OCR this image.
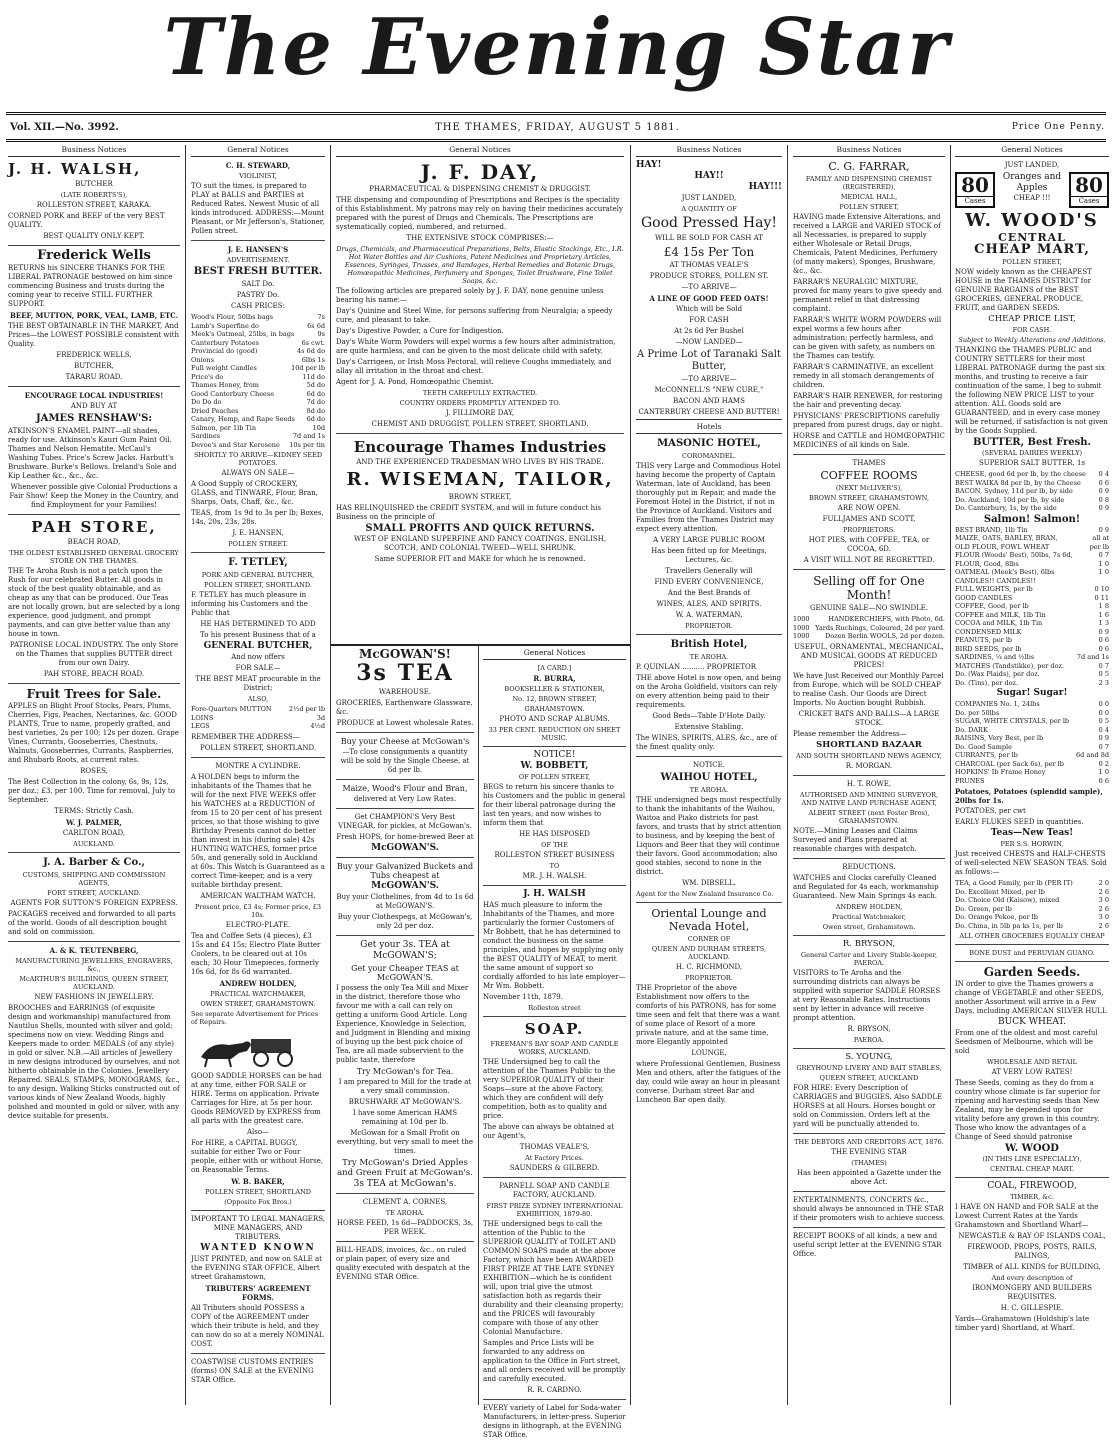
The Evening Star
Vol. XII.—No. 3992.	THE THAMES, FRIDAY, AUGUST 5 1881.	Price One Penny.
Business Notices
J. H. WALSH,

BUTCHER

(LATE ROBERTS'S),

ROLLESTON STREET, KARAKA.

CORNED PORK and BEEF of the very BEST QUALITY.

BEST QUALITY ONLY KEPT.

Frederick Wells

RETURNS his SINCERE THANKS FOR THE LIBERAL PATRONAGE bestowed on him since commencing Business and trusts during the coming year to receive STILL FURTHER SUPPORT.

BEEF, MUTTON, PORK, VEAL, LAMB, ETC.

THE BEST OBTAINABLE IN THE MARKET, And Prices—the LOWEST POSSIBLE consistent with Quality.

FREDERICK WELLS,

BUTCHER,

TARARU ROAD.

ENCOURAGE LOCAL INDUSTRIES!

AND BUY AT

JAMES RENSHAW'S:

ATKINSON'S ENAMEL PAINT—all shades, ready for use. Atkinson's Kauri Gum Paint Oil. Thames and Nelson Hematite. McCaul's Washing Tubes. Price's Screw Jacks. Harbutt's Brushware. Burke's Bellows. Ireland's Sole and Kip Leather &c., &c., &c.

Whenever possible give Colonial Productions a Fair Show! Keep the Money in the Country, and find Employment for your Families!

PAH STORE,

BEACH ROAD,

THE OLDEST ESTABLISHED GENERAL GROCERY STORE ON THE THAMES.

THE Te Aroha Rush is not a patch upon the Rush for our celebrated Butter. All goods in stock of the best quality obtainable, and as cheap as any that can be produced. Our Teas are not locally grown, but are selected by a long experience, good judgment, and prompt payments, and can give better value than any house in town.

PATRONISE LOCAL INDUSTRY. The only Store on the Thames that supplies BUTTER direct from our own Dairy.

PAH STORE, BEACH ROAD.

Fruit Trees for Sale.

APPLES on Blight Proof Stocks, Pears, Plums, Cherries, Figs, Peaches, Nectarines, &c. GOOD PLANTS, True to name, properly grafted, and best varieties, 2s per 100; 12s per dozen. Grape Vines, Currants, Gooseberries, Chestnuts, Walnuts, Gooseberries, Currants, Raspberries, and Rhubarb Roots, at current rates.

ROSES,

The Best Collection in the colony, 6s, 9s, 12s, per doz.; £3, per 100. Time for removal, July to September.

TERMS: Strictly Cash.

W. J. PALMER,

CARLTON ROAD,

AUCKLAND.

J. A. Barber & Co.,

CUSTOMS, SHIPPING AND COMMISSION AGENTS,

FORT STREET, AUCKLAND.

AGENTS FOR SUTTON'S FOREIGN EXPRESS.

PACKAGES received and forwarded to all parts of the world. Goods of all description bought and sold on commission.

A. & K. TEUTENBERG,

MANUFACTURING JEWELLERS, ENGRAVERS, &c.,

McARTHUR'S BUILDINGS, QUEEN STREET, AUCKLAND.

NEW FASHIONS IN JEWELLERY.

BROOCHES and EARRINGS (of exquisite design and workmanship) manufactured from Nautilus Shells, mounted with silver and gold; specimens now on view. Wedding Rings and Keepers made to order. MEDALS (of any style) in gold or silver. N.B.—All articles of Jewellery in new designs introduced by ourselves, and not hitherto obtainable in the Colonies. Jewellery Repaired. SEALS, STAMPS, MONOGRAMS, &c., to any design. Walking Sticks constructed out of various kinds of New Zealand Woods, highly polished and mounted in gold or silver, with any device suitable for presents.

General Notices

C. H. STEWARD,

VIOLINIST,

TO suit the times, is prepared to PLAY at BALLS and PARTIES at Reduced Rates. Newest Music of all kinds introduced. ADDRESS:—Mount Pleasant, or Mr Jefferson's, Stationer, Pollen street.

J. E. HANSEN'S

ADVERTISEMENT.

BEST FRESH BUTTER.

SALT Do.

PASTRY Do.

CASH PRICES:

Wood's Flour, 50lbs bags	7s
Lamb's Superfine do	6s 6d
Meek's Oatmeal, 25lbs, in bags	9s
Canterbury Potatoes	6s cwt.
Provincial do (good)	4s 6d do
Onions	6lbs 1s
Full weight Candles	10d per lb
Price's do	11d do
Thames Honey, from	5d do
Good Canterbury Cheese	6d do
Do Do do	7d do
Dried Peaches	8d do
Canary, Hemp, and Rape Seeds 6d do
Salmon, per 1lb Tin	10d
Sardines	7d and 1s
Devoe's and Star Kerosene 10s per tin

SHORTLY TO ARRIVE—KIDNEY SEED POTATOES.

ALWAYS ON SALE—

A Good Supply of CROCKERY, GLASS, and TINWARE, Flour, Bran, Sharps, Oats, Chaff, &c., &c.

TEAS, from 1s 9d to 3s per lb; Boxes, 14s, 20s, 23s, 28s.

J. E. HANSEN,

POLLEN STREET.

F. TETLEY,

PORK AND GENERAL BUTCHER,

POLLEN STREET, SHORTLAND.

F. TETLEY has much pleasure in informing his Customers and the Public that

HE HAS DETERMINED TO ADD

To his present Business that of a

GENERAL BUTCHER,

And now offers

FOR SALE—

THE BEST MEAT procurable in the District;

ALSO,

Fore-Quarters MUTTON	2½d per lb
LOINS	3d
LEGS	4½d

REMEMBER THE ADDRESS—

POLLEN STREET, SHORTLAND.

MONTRE A CYLINDRE.

A HOLDEN begs to inform the inhabitants of the Thames that he will for the next FIVE WEEKS offer his WATCHES at a REDUCTION of from 15 to 20 per cent of his present prices, so that those wishing to give Birthday Presents cannot do better than invest in his (during sale) 42s HUNTING WATCHES, former price 50s, and generally sold in Auckland at 60s. This Watch is Guaranteed as a correct Time-keeper, and is a very suitable birthday present.

AMERICAN WALTHAM WATCH.

Present price, £3 4s; Former price, £3 10s.

ELECTRO-PLATE.

Tea and Coffee Sets (4 pieces), £3 15s and £4 15s; Electro Plate Butter Coolers, to be cleared out at 10s each; 30 Hour Timepieces, formerly 10s 6d, for 8s 6d warranted.

ANDREW HOLDEN,

PRACTICAL WATCHMAKER,

OWEN STREET, GRAHAMSTOWN.

See separate Advertisement for Prices of Repairs.

GOOD SADDLE HORSES can be had at any time, either FOR SALE or HIRE. Terms on application. Private Carriages for Hire, at 5s per hour. Goods REMOVED by EXPRESS from all parts with the greatest care.

Also—

For HIRE, a CAPITAL BUGGY, suitable for either Two or Four people, either with or without Horse, on Reasonable Terms.

W. B. BAKER,

POLLEN STREET, SHORTLAND

(Opposite Fox Bros.)

IMPORTANT TO LEGAL MANAGERS, MINE MANAGERS, AND TRIBUTERS.

WANTED KNOWN

JUST PRINTED, and now on SALE at the EVENING STAR OFFICE, Albert street Grahamstown,

TRIBUTERS' AGREEMENT FORMS.

All Tributers should POSSESS a COPY of the AGREEMENT under which their tribute is held, and they can now do so at a merely NOMINAL COST.

COASTWISE CUSTOMS ENTRIES (forms) ON SALE at the EVENING STAR Office.

General Notices
J. F. DAY,

PHARMACEUTICAL & DISPENSING CHEMIST & DRUGGIST.

THE dispensing and compounding of Prescriptions and Recipes is the speciality of this Establishment. My patrons may rely on having their medicines accurately prepared with the purest of Drugs and Chemicals. The Prescriptions are systematically copied, numbered, and returned.

THE EXTENSIVE STOCK COMPRISES:—

Drugs, Chemicals, and Pharmaceutical Preparations, Belts, Elastic Stockings, Etc., I.R. Hot Water Bottles and Air Cushions, Patent Medicines and Proprietary Articles, Essences, Syringes, Trusses, and Bandages, Herbal Remedies and Botanic Drugs, Homœopathic Medicines, Perfumery and Sponges, Toilet Brushware, Fine Toilet Soaps, &c.

The following articles are prepared solely by J. F. DAY, none genuine unless bearing his name:—

Day's Quinine and Steel Wine, for persons suffering from Neuralgia; a speedy cure, and pleasant to take.

Day's Digestive Powder, a Cure for Indigestion.

Day's White Worm Powders will expel worms a few hours after administration, are quite harmless, and can be given to the most delicate child with safety.

Day's Carrigeen, or Irish Moss Pectoral, will relieve Coughs immediately, and allay all irritation in the throat and chest.

Agent for J. A. Pond, Homœopathic Chemist.

TEETH CAREFULLY EXTRACTED.

COUNTRY ORDERS PROMPTLY ATTENDED TO.

J. FILLIMORE DAY,

CHEMIST AND DRUGGIST, POLLEN STREET, SHORTLAND.

Encourage Thames Industries

AND THE EXPERIENCED TRADESMAN WHO LIVES BY HIS TRADE.

R. WISEMAN, TAILOR,

BROWN STREET,

HAS RELINQUISHED the CREDIT SYSTEM, and will in future conduct his Business on the principle of

SMALL PROFITS AND QUICK RETURNS.

WEST OF ENGLAND SUPERFINE AND FANCY COATINGS. ENGLISH, SCOTCH, AND COLONIAL TWEED—WELL SHRUNK.

Same SUPERIOR FIT and MAKE for which he is renowned.

McGOWAN'S!
3s TEA

WAREHOUSE.

GROCERIES, Earthenware Glassware, &c.

PRODUCE at Lowest wholesale Rates.

Buy your Cheese at McGowan's

—To close consignments a quantity will be sold by the Single Cheese, at 6d per lb.

Maize, Wood's Flour and Bran,

delivered at Very Low Rates.

Get CHAMPION'S Very Best VINEGAR, for pickles, at McGowan's.

Fresh HOPS, for home-brewed Beer at

McGOWAN'S.

Buy your Galvanized Buckets and Tubs cheapest at

McGOWAN'S.

Buy your Clothelines, from 4d to 1s 6d at McGOWAN'S.

Buy your Clothespegs, at McGowan's, only 2d per doz.

Get your 3s. TEA at McGOWAN'S;

Get your Cheaper TEAS at McGOWAN'S.

I possess the only Tea Mill and Mixer in the district, therefore those who favour me with a call can rely on getting a uniform Good Article. Long Experience, Knowledge in Selection, and Judgment in Blending and mixing of buying up the best pick choice of Tea, are all made subservient to the public taste, therefore

Try McGowan's for Tea.

I am prepared to Mill for the trade at a very small commission.

BRUSHWARE AT McGOWAN'S.

I have some American HAMS remaining at 10d per lb.

McGowan for a Small Profit on everything, but very small to meet the times.

Try McGowan's Dried Apples and Green Fruit at McGowan's.

3s TEA at McGowan's.

CLEMENT A. CORNES,

TE AROHA.

HORSE FEED, 1s 6d—PADDOCKS, 3s, PER WEEK.

BILL-HEADS, invoices, &c., on ruled or plain paper, of every size and quality executed with despatch at the EVENING STAR Office.

General Notices

[A CARD.]

R. BURRA,

BOOKSELLER & STATIONER,

No. 12, BROWN STREET,

GRAHAMSTOWN.

PHOTO AND SCRAP ALBUMS.

33 PER CENT. REDUCTION ON SHEET MUSIC.

NOTICE!

W. BOBBETT,

OF POLLEN STREET,

BEGS to return his sincere thanks to his Customers and the public in general for their liberal patronage during the last ten years, and now wishes to inform them that

HE HAS DISPOSED

OF THE

ROLLESTON STREET BUSINESS

TO

MR. J. H. WALSH.

J. H. WALSH

HAS much pleasure to inform the Inhabitants of the Thames, and more particularly the former Customers of Mr Bobbett, that he has determined to conduct the business on the same principles, and hopes by supplying only the BEST QUALITY of MEAT, to merit the same amount of support so cordially afforded to his late employer—Mr Wm. Bobbett.

November 11th, 1879.

Rolleston street

SOAP.

FREEMAN'S BAY SOAP AND CANDLE WORKS, AUCKLAND.

THE Undersigned beg to call the attention of the Thames Public to the very SUPERIOR QUALITY of their Soaps—sure at the above Factory, which they are confident will defy competition, both as to quality and price.

The above can always be obtained at our Agent's,

THOMAS VEALE'S,

At Factory Prices.

SAUNDERS & GILBERD.

PARNELL SOAP AND CANDLE FACTORY, AUCKLAND.

FIRST PRIZE SYDNEY INTERNATIONAL EXHIBITION, 1879-80.

THE undersigned begs to call the attention of the Public to the SUPERIOR QUALITY of TOILET AND COMMON SOAPS made at the above Factory, which have been AWARDED FIRST PRIZE AT THE LATE SYDNEY EXHIBITION—which he is confident will, upon trial give the utmost satisfaction both as regards their durability and their cleansing property; and the PRICES will favourably compare with those of any other Colonial Manufacture.

Samples and Price Lists will be forwarded to any address on application to the Office in Fort street, and all orders received will be promptly and carefully executed.

R. R. CARDNO.

EVERY variety of Label for Soda-water Manufacturers, in letter-press. Superior designs in lithograph, at the EVENING STAR Office.

Business Notices

HAY!

HAY!!

HAY!!!

JUST LANDED,

A QUANTITY OF

Good Pressed Hay!

WILL BE SOLD FOR CASH AT

£4 15s Per Ton

AT THOMAS VEALE'S

PRODUCE STORES, POLLEN ST.

—TO ARRIVE—

A LINE OF GOOD FEED OATS!

Which will be Sold

FOR CASH

At 2s 6d Per Bushel

—NOW LANDED—

A Prime Lot of Taranaki Salt Butter,

—TO ARRIVE—

McCONNELL'S "NEW CURE,"

BACON AND HAMS

CANTERBURY CHEESE AND BUTTER!

Hotels
MASONIC HOTEL,

COROMANDEL.

THIS very Large and Commodious Hotel having become the property of Captain Waterman, late of Auckland, has been thoroughly put in Repair, and made the Foremost Hotel in the District, if not in the Province of Auckland. Visitors and Families from the Thames District may expect every attention.

A VERY LARGE PUBLIC ROOM

Has been fitted up for Meetings, Lectures, &c.

Travellers Generally will

FIND EVERY CONVENIENCE,

And the Best Brands of

WINES, ALES, AND SPIRITS.

W. A. WATERMAN,

PROPRIETOR.

British Hotel,

TE AROHA.

P. QUINLAN .......... PROPRIETOR

THE above Hotel is now open, and being on the Aroha Goldfield, visitors can rely on every attention being paid to their requirements.

Good Beds—Table D'Hote Daily.

Extensive Stabling.

The WINES, SPIRITS, ALES, &c., are of the finest quality only.

NOTICE.

WAIHOU HOTEL,

TE AROHA.

THE undersigned begs most respectfully to thank the inhabitants of the Waihou, Waitoa and Piako districts for past favors, and trusts that by strict attention to business, and by keeping the best of Liquors and Beer that they will continue their favors. Good accommodation; also good stables, second to none in the district.

WM. DIBSELL.

Agent for the New Zealand Insurance Co.

Oriental Lounge and Nevada Hotel,

CORNER OF

QUEEN AND DURHAM STREETS, AUCKLAND.

H. C. RICHMOND,

PROPRIETOR.

THE Proprietor of the above Establishment now offers to the comforts of his PATRONS, has for some time seen and felt that there was a want of some place of Resort of a more private nature, and at the same time, more Elegantly appointed

LOUNGE,

where Professional Gentlemen, Business Men and others, after the fatigues of the day, could wile away an hour in pleasant converse. Durham street Bar and Luncheon Bar open daily.

Business Notices
C. G. FARRAR,

FAMILY AND DISPENSING CHEMIST (REGISTERED),

MEDICAL HALL,

POLLEN STREET,

HAVING made Extensive Alterations, and received a LARGE and VARIED STOCK of all Necessaries, is prepared to supply either Wholesale or Retail Drugs, Chemicals, Patent Medicines, Perfumery (of many makers), Sponges, Brushware, &c., &c.

FARRAR'S NEURALGIC MIXTURE, proved for many years to give speedy and permanent relief in that distressing complaint.

FARRAR'S WHITE WORM POWDERS will expel worms a few hours after administration; perfectly harmless, and can be given with safety, as numbers on the Thames can testify.

FARRAR'S CARMINATIVE, an excellent remedy in all stomach derangements of children.

FARRAR'S HAIR RENEWER, for restoring the hair and preventing decay.

PHYSICIANS' PRESCRIPTIONS carefully prepared from purest drugs, day or night.

HORSE and CATTLE and HOMŒOPATHIC MEDICINES of all kinds on Sale.

THAMES

COFFEE ROOMS

(NEXT McLIVER'S),

BROWN STREET, GRAHAMSTOWN,

ARE NOW OPEN.

FULLJAMES AND SCOTT,

PROPRIETORS.

HOT PIES, with COFFEE, TEA, or COCOA, 6D.

A VISIT WILL NOT BE REGRETTED.

Selling off for One Month!

GENUINE SALE—NO SWINDLE.

1000	HANDKERCHIEFS, with Photo, 6d.
1000 Yards Ruchings, Coloured, 2d per yard.
1000 Dozen Berlin WOOLS, 2d per dozen.

USEFUL, ORNAMENTAL, MECHANICAL, AND MUSICAL GOODS AT REDUCED PRICES!

We have Just Received our Monthly Parcel from Europe, which will be SOLD CHEAP to realise Cash. Our Goods are Direct Imports. No Auction bought Rubbish.

CRICKET BATS AND BALLS—A LARGE STOCK.

Please remember the Address—

SHORTLAND BAZAAR

AND SOUTH SHORTLAND NEWS AGENCY,

R. MORGAN.

H. T. ROWE,

AUTHORISED AND MINING SURVEYOR, AND NATIVE LAND PURCHASE AGENT,

ALBERT STREET (next Foster Bros), GRAHAMSTOWN.

NOTE.—Mining Leases and Claims Surveyed and Plans prepared at reasonable charges with despatch.

REDUCTIONS.

WATCHES and Clocks carefully Cleaned and Regulated for 4s each, workmanship Guaranteed. New Main Springs 4s each.

ANDREW HOLDEN,

Practical Watchmaker,

Owen street, Grahamstown.

R. BRYSON,

General Carter and Livery Stable-keeper, PAEROA.

VISITORS to Te Aroha and the surrounding districts can always be supplied with superior SADDLE HORSES at very Reasonable Rates. Instructions sent by letter in advance will receive prompt attention.

R. BRYSON,

PAEROA.

S. YOUNG,

GREYHOUND LIVERY AND BAIT STABLES,

QUEEN STREET, AUCKLAND

FOR HIRE: Every Description of CARRIAGES and BUGGIES. Also SADDLE HORSES at all Hours. Horses bought or sold on Commission. Orders left at the yard will be punctually attended to.

THE DEBTORS AND CREDITORS ACT, 1876.

THE EVENING STAR

(THAMES)

Has been appointed a Gazette under the above Act.

ENTERTAINMENTS, CONCERTS &c., should always be announced in THE STAR if their promoters wish to achieve success.

RECEIPT BOOKS of all kinds, a new and useful script letter at the EVENING STAR Office.

General Notices

JUST LANDED,

80
Cases
Oranges and Apples
CHEAP !!!
80
Cases
W. WOOD'S
CENTRAL
CHEAP MART,

POLLEN STREET,

NOW widely known as the CHEAPEST HOUSE in the THAMES DISTRICT for GENUINE BARGAINS of the BEST GROCERIES, GENERAL PRODUCE, FRUIT, and GARDEN SEEDS.

CHEAP PRICE LIST,

FOR CASH.

Subject to Weekly Alterations and Additions.

THANKING the THAMES PUBLIC and COUNTRY SETTLERS for their most LIBERAL PATRONAGE during the past six months, and trusting to receive a fair continuation of the same, I beg to submit the following NEW PRICE LIST to your attention. ALL Goods sold are GUARANTEED, and in every case money will be returned, if satisfaction is not given by the Goods Supplied.

BUTTER, Best Fresh.

(SEVERAL DAIRIES WEEKLY)

SUPERIOR SALT BUTTER, 1s

CHEESE, good 6d per lb, by the cheese 0 4
BEST WAIKA 8d per lb, by the Cheese	0 6
BACON, Sydney, 11d per lb, by side	0 9
Do. Auckland, 10d per lb, by side	0 8
Do. Canterbury, 1s, by the side	0 9

Salmon! Salmon!

BEST BRAND, 1lb Tin	0 9
MAIZE, OATS, BARLEY, BRAN,	all at
OLD FLOUR, FOWL WHEAT	per lb
FLOUR (Woods' Best), 50lbs, 7s 6d,	0 7
FLOUR, Good, 8lbs	1 0
OATMEAL (Meek's Best), 6lbs	1 0
CANDLES!! CANDLES!!
FULL WEIGHTS, per lb	0 10
GOOD CANDLES	0 11
COFFEE, Good, per lb	1 8
COFFEE and MILK, 1lb Tin	1 6
COCOA and MILK, 1lb Tin	1 3
CONDENSED MILK	0 9
PEANUTS, per lb	0 6
BIRD SEEDS, per lb	0 6
SARDINES, ¼ and ½lbs	7d and 1s
MATCHES (Tandstikke), per doz.	0 7
Do. (Wax Plaids), per doz.	0 5
Do. (Tins), per doz.	2 3

Sugar! Sugar!

COMPANIES No. 1, 24lbs	0 0
Do. per 50lbs	0 0
SUGAR, WHITE CRYSTALS, per lb	0 5
Do. DARK	0 4
RAISINS, Very Best, per lb	0 9
Do. Good Sample	0 7
CURRANTS, per lb	6d and 8d
CHARCOAL (per Sack 6s), per lb	0 2
HOPKINS' Ib Frame Honey	1 0
PRUNES	0 6

Potatoes, Potatoes (splendid sample), 20lbs for 1s.

POTATOES, per cwt

EARLY FLUKES SEED in quantities.

Teas—New Teas!

PER S.S. HORWIN,

Just received CHESTS and HALF-CHESTS of well-selected NEW SEASON TEAS. Sold as follows:—

TEA, a Good Family, per lb (PER IT)	2 0
Do. Excellent Mixed, per lb	2 6
Do. Choice Old (Kaisow), mixed	3 0
Do. Green, per lb	2 6
Do. Orange Pekoe, per lb	3 0
Do. China, in 5lb pa ks 1s, per lb	2 6

ALL OTHER GROCERIES EQUALLY CHEAP

BONE DUST and PERUVIAN GUANO.

Garden Seeds.

IN order to give the Thames growers a change of VEGETABLE and other SEEDS, another Assortment will arrive in a Few Days, including AMERICAN SILVER HULL

BUCK WHEAT.

From one of the oldest and most careful Seedsmen of Melbourne, which will be sold

WHOLESALE AND RETAIL

AT VERY LOW RATES!

These Seeds, coming as they do from a country whose climate is far superior for ripening and harvesting seeds than New Zealand, may be depended upon for vitality before any grown in this country. Those who know the advantages of a Change of Seed should patronise

W. WOOD

(IN THIS LINE ESPECIALLY),

CENTRAL CHEAP MART.

COAL, FIREWOOD,

TIMBER, &c.

I HAVE ON HAND and FOR SALE at the Lowest Current Rates at the Yards Grahamstown and Shortland Wharf—

NEWCASTLE & BAY OF ISLANDS COAL,

FIREWOOD, PROPS, POSTS, RAILS, PALINGS,

TIMBER of ALL KINDS for BUILDING,

And every description of

IRONMONGERY AND BUILDERS REQUISITES.

H. C. GILLESPIE.

Yards—Grahamstown (Holdship's late timber yard) Shortland, at Wharf.
